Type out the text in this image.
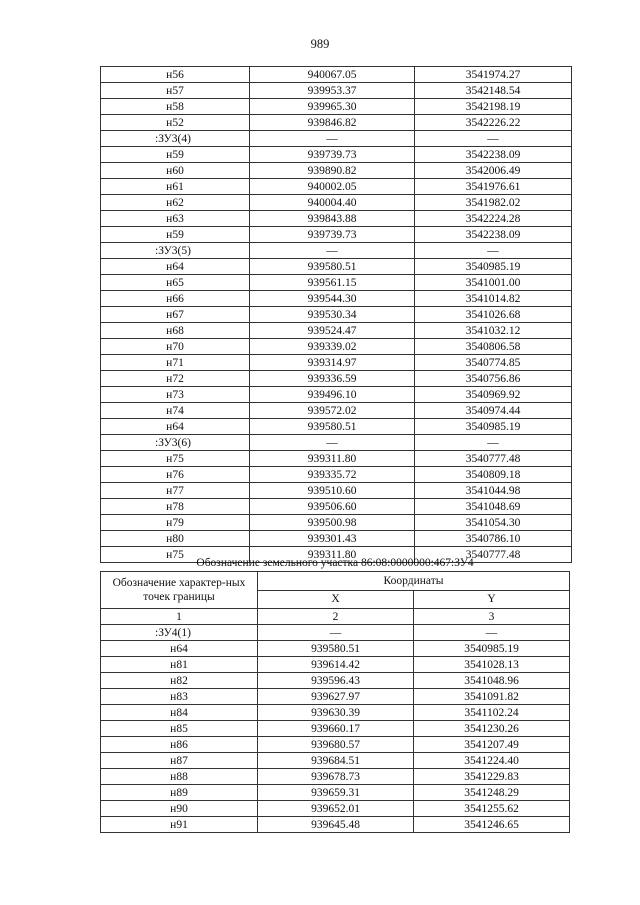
989
н56	940067.05	3541974.27
н57	939953.37	3542148.54
н58	939965.30	3542198.19
н52	939846.82	3542226.22
:ЗУ3(4)	—	—
н59	939739.73	3542238.09
н60	939890.82	3542006.49
н61	940002.05	3541976.61
н62	940004.40	3541982.02
н63	939843.88	3542224.28
н59	939739.73	3542238.09
:ЗУ3(5)	—	—
н64	939580.51	3540985.19
н65	939561.15	3541001.00
н66	939544.30	3541014.82
н67	939530.34	3541026.68
н68	939524.47	3541032.12
н70	939339.02	3540806.58
н71	939314.97	3540774.85
н72	939336.59	3540756.86
н73	939496.10	3540969.92
н74	939572.02	3540974.44
н64	939580.51	3540985.19
:ЗУ3(6)	—	—
н75	939311.80	3540777.48
н76	939335.72	3540809.18
н77	939510.60	3541044.98
н78	939506.60	3541048.69
н79	939500.98	3541054.30
н80	939301.43	3540786.10
н75	939311.80	3540777.48
Обозначение земельного участка 86:08:0000000:467:ЗУ4
Обозначение характер-ных точек границы	Координаты	
	X	Y
1	2	3
:ЗУ4(1)	—	—
н64	939580.51	3540985.19
н81	939614.42	3541028.13
н82	939596.43	3541048.96
н83	939627.97	3541091.82
н84	939630.39	3541102.24
н85	939660.17	3541230.26
н86	939680.57	3541207.49
н87	939684.51	3541224.40
н88	939678.73	3541229.83
н89	939659.31	3541248.29
н90	939652.01	3541255.62
н91	939645.48	3541246.65
